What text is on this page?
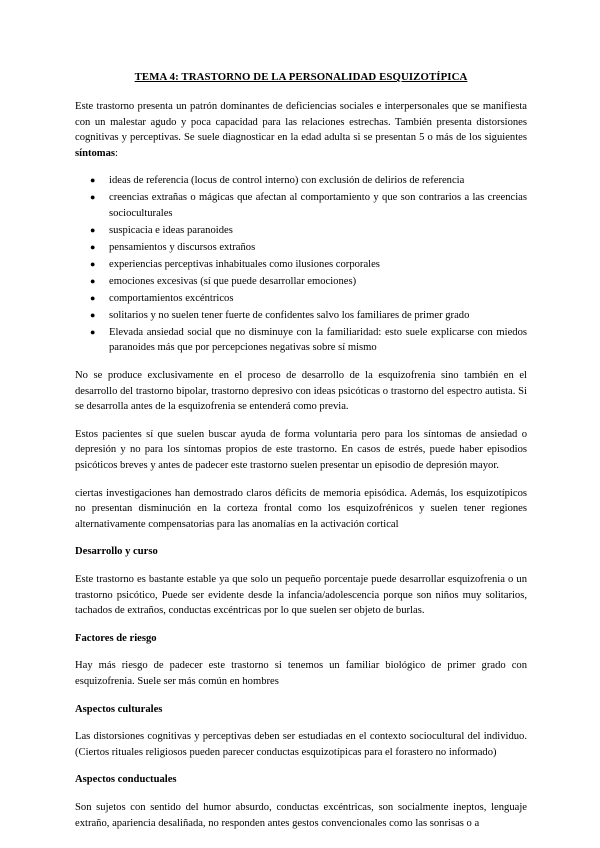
TEMA 4: TRASTORNO DE LA PERSONALIDAD ESQUIZOTÍPICA

Este trastorno presenta un patrón dominantes de deficiencias sociales e interpersonales que se manifiesta con un malestar agudo y poca capacidad para las relaciones estrechas. También presenta distorsiones cognitivas y perceptivas. Se suele diagnosticar en la edad adulta si se presentan 5 o más de los siguientes síntomas:

● ideas de referencia (locus de control interno) con exclusión de delirios de referencia
● creencias extrañas o mágicas que afectan al comportamiento y que son contrarios a las creencias socioculturales
● suspicacia e ideas paranoides
● pensamientos y discursos extraños
● experiencias perceptivas inhabituales como ilusiones corporales
● emociones excesivas (sí que puede desarrollar emociones)
● comportamientos excéntricos
● solitarios y no suelen tener fuerte de confidentes salvo los familiares de primer grado
● Elevada ansiedad social que no disminuye con la familiaridad: esto suele explicarse con miedos paranoides más que por percepciones negativas sobre sí mismo

No se produce exclusivamente en el proceso de desarrollo de la esquizofrenia sino también en el desarrollo del trastorno bipolar, trastorno depresivo con ideas psicóticas o trastorno del espectro autista. Si se desarrolla antes de la esquizofrenia se entenderá como previa.

Estos pacientes sí que suelen buscar ayuda de forma voluntaria pero para los síntomas de ansiedad o depresión y no para los síntomas propios de este trastorno. En casos de estrés, puede haber episodios psicóticos breves y antes de padecer este trastorno suelen presentar un episodio de depresión mayor.

ciertas investigaciones han demostrado claros déficits de memoria episódica. Además, los esquizotípicos no presentan disminución en la corteza frontal como los esquizofrénicos y suelen tener regiones alternativamente compensatorias para las anomalías en la activación cortical

Desarrollo y curso

Este trastorno es bastante estable ya que solo un pequeño porcentaje puede desarrollar esquizofrenia o un trastorno psicótico, Puede ser evidente desde la infancia/adolescencia porque son niños muy solitarios, tachados de extraños, conductas excéntricas por lo que suelen ser objeto de burlas.

Factores de riesgo

Hay más riesgo de padecer este trastorno si tenemos un familiar biológico de primer grado con esquizofrenia. Suele ser más común en hombres

Aspectos culturales

Las distorsiones cognitivas y perceptivas deben ser estudiadas en el contexto sociocultural del individuo. (Ciertos rituales religiosos pueden parecer conductas esquizotípicas para el forastero no informado)

Aspectos conductuales

Son sujetos con sentido del humor absurdo, conductas excéntricas, son socialmente ineptos, lenguaje extraño, apariencia desaliñada, no responden antes gestos convencionales como las sonrisas o a
